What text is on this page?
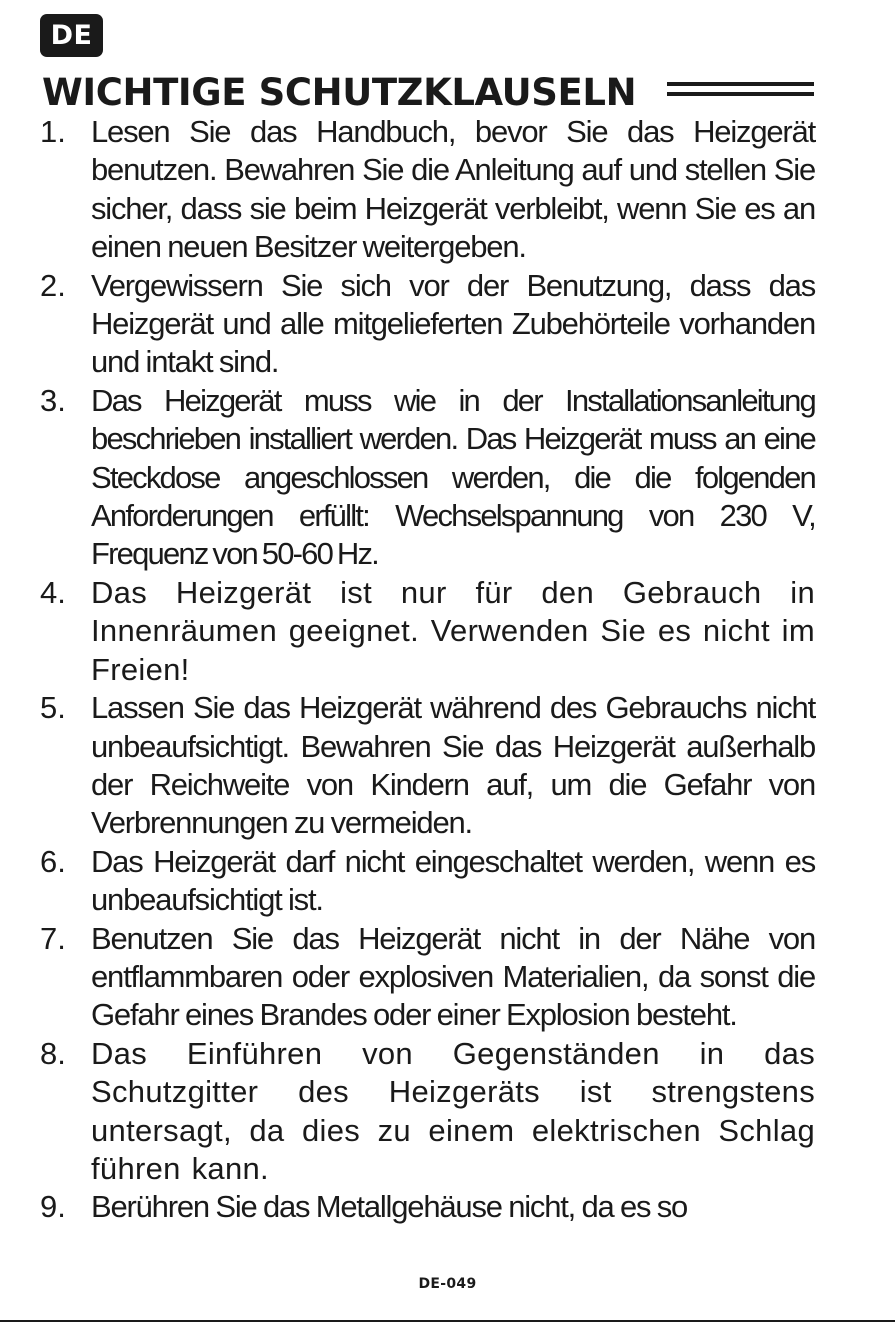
DE
WICHTIGE SCHUTZKLAUSELN
1. Lesen Sie das Handbuch, bevor Sie das Heizgerät benutzen. Bewahren Sie die Anleitung auf und stellen Sie sicher, dass sie beim Heizgerät verbleibt, wenn Sie es an einen neuen Besitzer weitergeben.
2. Vergewissern Sie sich vor der Benutzung, dass das Heizgerät und alle mitgelieferten Zubehörteile vorhanden und intakt sind.
3. Das Heizgerät muss wie in der Installationsanleitung beschrieben installiert werden. Das Heizgerät muss an eine Steckdose angeschlossen werden, die die folgenden Anforderungen erfüllt: Wechselspannung von 230 V, Frequenz von 50-60 Hz.
4. Das Heizgerät ist nur für den Gebrauch in Innenräumen geeignet. Verwenden Sie es nicht im Freien!
5. Lassen Sie das Heizgerät während des Gebrauchs nicht unbeaufsichtigt. Bewahren Sie das Heizgerät außerhalb der Reichweite von Kindern auf, um die Gefahr von Verbrennungen zu vermeiden.
6. Das Heizgerät darf nicht eingeschaltet werden, wenn es unbeaufsichtigt ist.
7. Benutzen Sie das Heizgerät nicht in der Nähe von entflammbaren oder explosiven Materialien, da sonst die Gefahr eines Brandes oder einer Explosion besteht.
8. Das Einführen von Gegenständen in das Schutzgitter des Heizgeräts ist strengstens untersagt, da dies zu einem elektrischen Schlag führen kann.
9. Berühren Sie das Metallgehäuse nicht, da es so
DE-049
